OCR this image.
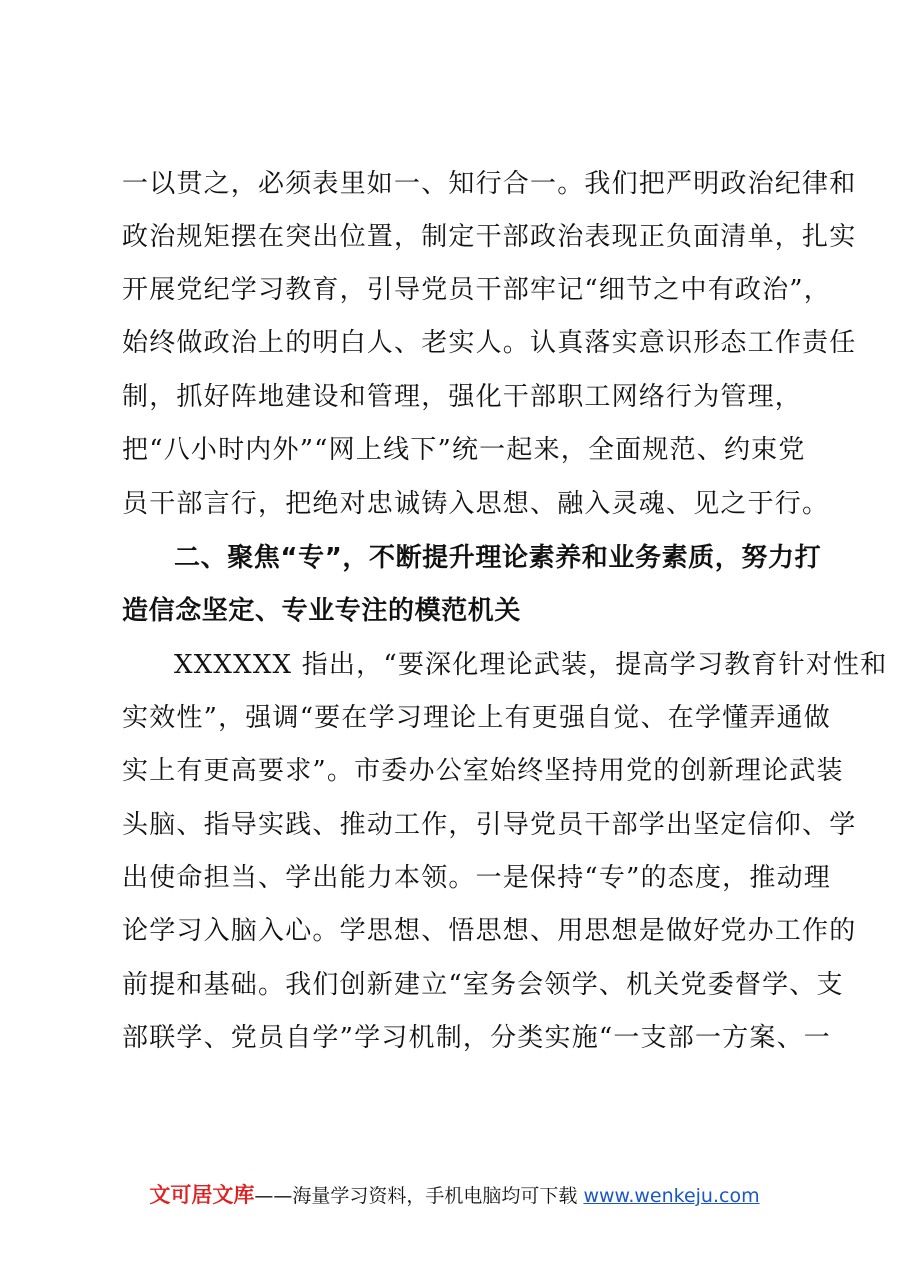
一以贯之，必须表里如一、知行合一。我们把严明政治纪律和
政治规矩摆在突出位置，制定干部政治表现正负面清单，扎实
开展党纪学习教育，引导党员干部牢记“细节之中有政治”，
始终做政治上的明白人、老实人。认真落实意识形态工作责任
制，抓好阵地建设和管理，强化干部职工网络行为管理，
把“八小时内外”“网上线下”统一起来，全面规范、约束党
员干部言行，把绝对忠诚铸入思想、融入灵魂、见之于行。
二、聚焦“专”，不断提升理论素养和业务素质，努力打
造信念坚定、专业专注的模范机关
XXXXXX 指出，“要深化理论武装，提高学习教育针对性和
实效性”，强调“要在学习理论上有更强自觉、在学懂弄通做
实上有更高要求”。市委办公室始终坚持用党的创新理论武装
头脑、指导实践、推动工作，引导党员干部学出坚定信仰、学
出使命担当、学出能力本领。一是保持“专”的态度，推动理
论学习入脑入心。学思想、悟思想、用思想是做好党办工作的
前提和基础。我们创新建立“室务会领学、机关党委督学、支
部联学、党员自学”学习机制，分类实施“一支部一方案、一
文可居文库——海量学习资料，手机电脑均可下载 www.wenkeju.com
